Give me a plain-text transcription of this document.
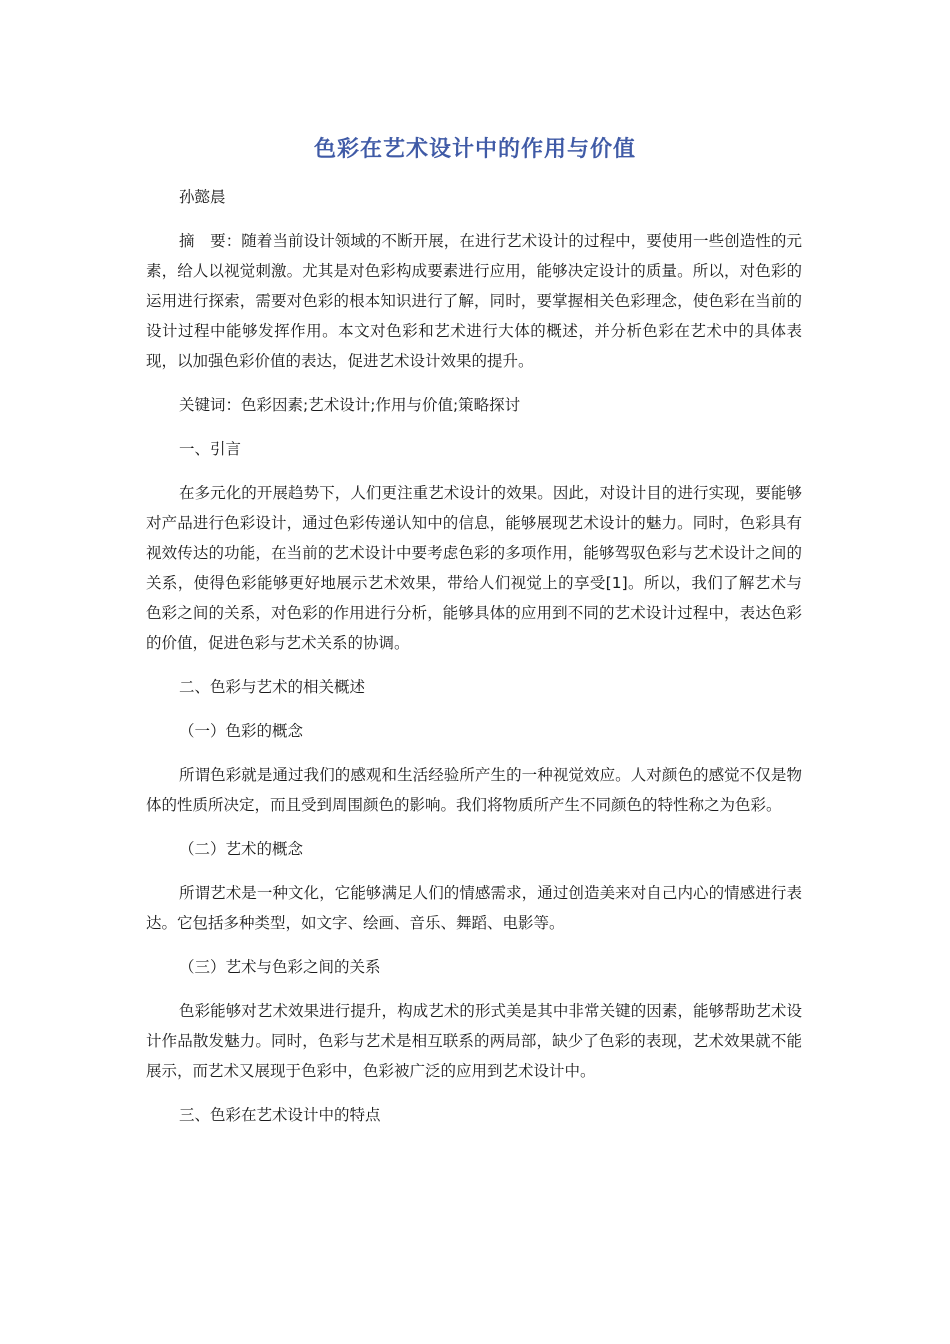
色彩在艺术设计中的作用与价值

孙懿晨

摘　要：随着当前设计领域的不断开展，在进行艺术设计的过程中，要使用一些创造性的元素，给人以视觉刺激。尤其是对色彩构成要素进行应用，能够决定设计的质量。所以，对色彩的运用进行探索，需要对色彩的根本知识进行了解，同时，要掌握相关色彩理念，使色彩在当前的设计过程中能够发挥作用。本文对色彩和艺术进行大体的概述，并分析色彩在艺术中的具体表现，以加强色彩价值的表达，促进艺术设计效果的提升。

关键词：色彩因素;艺术设计;作用与价值;策略探讨

一、引言

在多元化的开展趋势下，人们更注重艺术设计的效果。因此，对设计目的进行实现，要能够对产品进行色彩设计，通过色彩传递认知中的信息，能够展现艺术设计的魅力。同时，色彩具有视效传达的功能，在当前的艺术设计中要考虑色彩的多项作用，能够驾驭色彩与艺术设计之间的关系，使得色彩能够更好地展示艺术效果，带给人们视觉上的享受[1]。所以，我们了解艺术与色彩之间的关系，对色彩的作用进行分析，能够具体的应用到不同的艺术设计过程中，表达色彩的价值，促进色彩与艺术关系的协调。

二、色彩与艺术的相关概述

（一）色彩的概念

所谓色彩就是通过我们的感观和生活经验所产生的一种视觉效应。人对颜色的感觉不仅是物体的性质所决定，而且受到周围颜色的影响。我们将物质所产生不同颜色的特性称之为色彩。

（二）艺术的概念

所谓艺术是一种文化，它能够满足人们的情感需求，通过创造美来对自己内心的情感进行表达。它包括多种类型，如文字、绘画、音乐、舞蹈、电影等。

（三）艺术与色彩之间的关系

色彩能够对艺术效果进行提升，构成艺术的形式美是其中非常关键的因素，能够帮助艺术设计作品散发魅力。同时，色彩与艺术是相互联系的两局部，缺少了色彩的表现，艺术效果就不能展示，而艺术又展现于色彩中，色彩被广泛的应用到艺术设计中。

三、色彩在艺术设计中的特点
